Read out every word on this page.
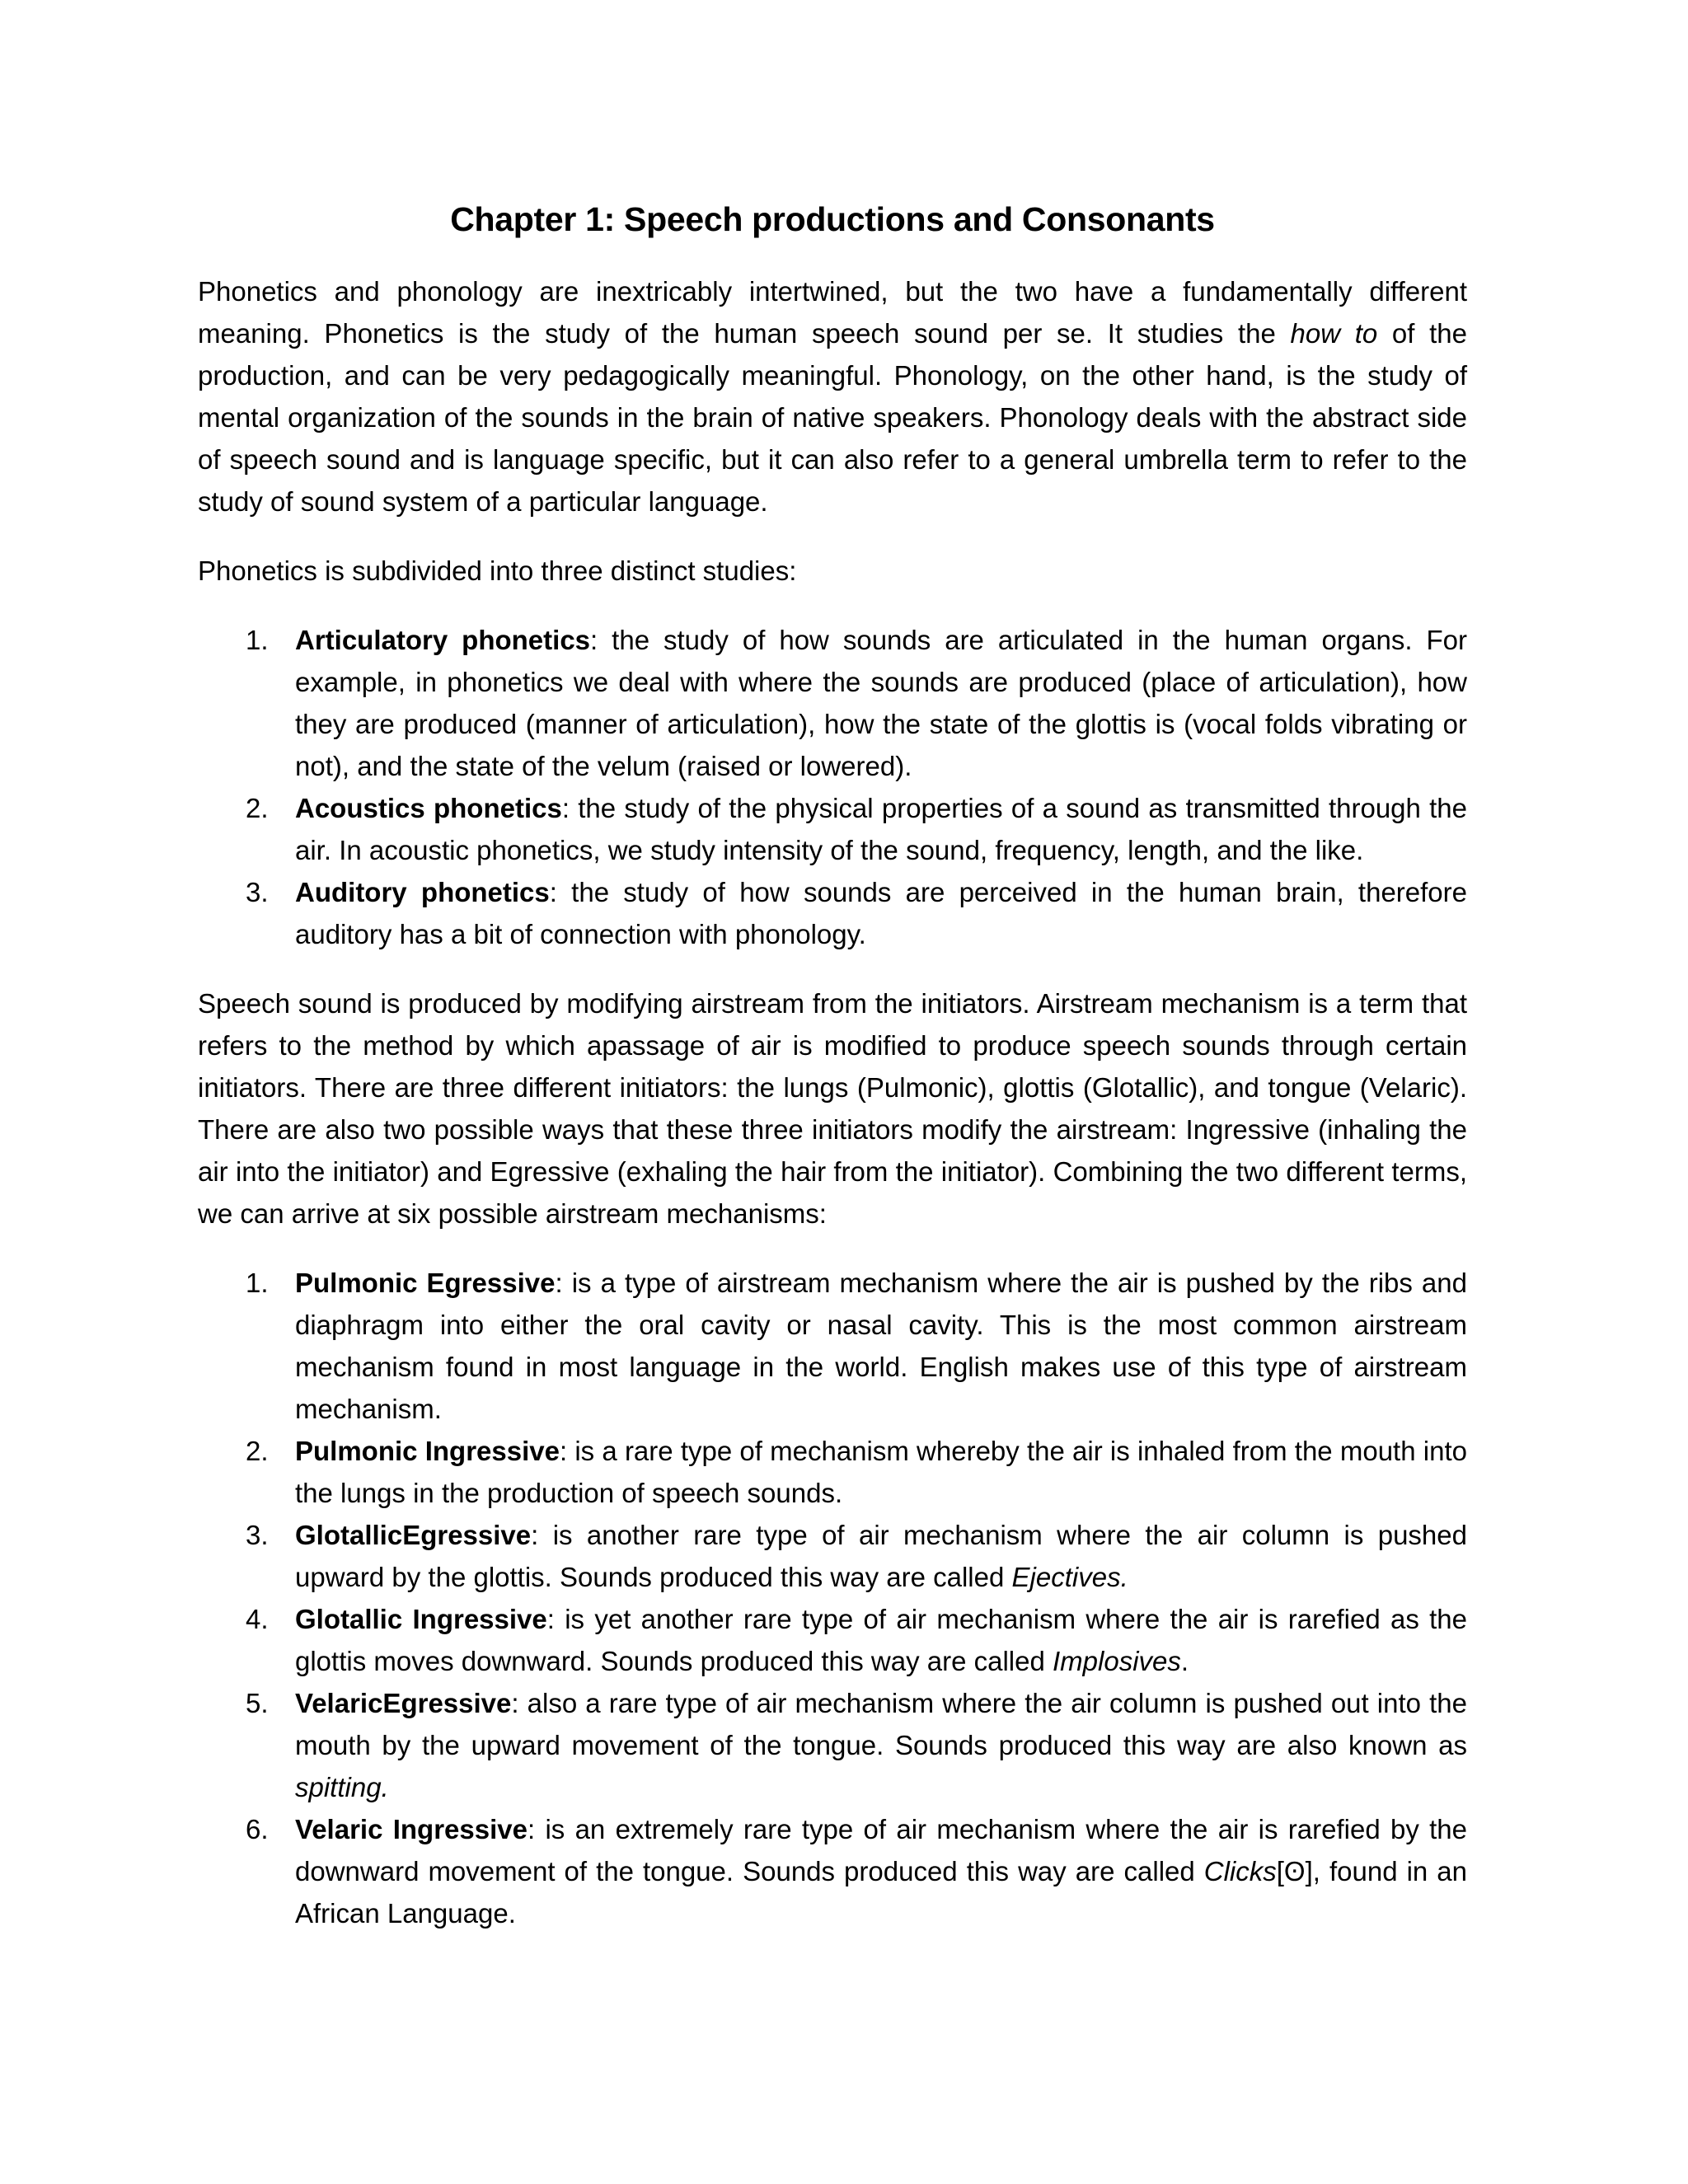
Chapter 1: Speech productions and Consonants

Phonetics and phonology are inextricably intertwined, but the two have a fundamentally different meaning. Phonetics is the study of the human speech sound per se. It studies the how to of the production, and can be very pedagogically meaningful. Phonology, on the other hand, is the study of mental organization of the sounds in the brain of native speakers. Phonology deals with the abstract side of speech sound and is language specific, but it can also refer to a general umbrella term to refer to the study of sound system of a particular language.

Phonetics is subdivided into three distinct studies:

1. Articulatory phonetics: the study of how sounds are articulated in the human organs. For example, in phonetics we deal with where the sounds are produced (place of articulation), how they are produced (manner of articulation), how the state of the glottis is (vocal folds vibrating or not), and the state of the velum (raised or lowered).
2. Acoustics phonetics: the study of the physical properties of a sound as transmitted through the air. In acoustic phonetics, we study intensity of the sound, frequency, length, and the like.
3. Auditory phonetics: the study of how sounds are perceived in the human brain, therefore auditory has a bit of connection with phonology.

Speech sound is produced by modifying airstream from the initiators. Airstream mechanism is a term that refers to the method by which apassage of air is modified to produce speech sounds through certain initiators. There are three different initiators: the lungs (Pulmonic), glottis (Glotallic), and tongue (Velaric). There are also two possible ways that these three initiators modify the airstream: Ingressive (inhaling the air into the initiator) and Egressive (exhaling the hair from the initiator). Combining the two different terms, we can arrive at six possible airstream mechanisms:

1. Pulmonic Egressive: is a type of airstream mechanism where the air is pushed by the ribs and diaphragm into either the oral cavity or nasal cavity. This is the most common airstream mechanism found in most language in the world. English makes use of this type of airstream mechanism.
2. Pulmonic Ingressive: is a rare type of mechanism whereby the air is inhaled from the mouth into the lungs in the production of speech sounds.
3. GlotallicEgressive: is another rare type of air mechanism where the air column is pushed upward by the glottis. Sounds produced this way are called Ejectives.
4. Glotallic Ingressive: is yet another rare type of air mechanism where the air is rarefied as the glottis moves downward. Sounds produced this way are called Implosives.
5. VelaricEgressive: also a rare type of air mechanism where the air column is pushed out into the mouth by the upward movement of the tongue. Sounds produced this way are also known as spitting.
6. Velaric Ingressive: is an extremely rare type of air mechanism where the air is rarefied by the downward movement of the tongue. Sounds produced this way are called Clicks[ʘ], found in an African Language.
